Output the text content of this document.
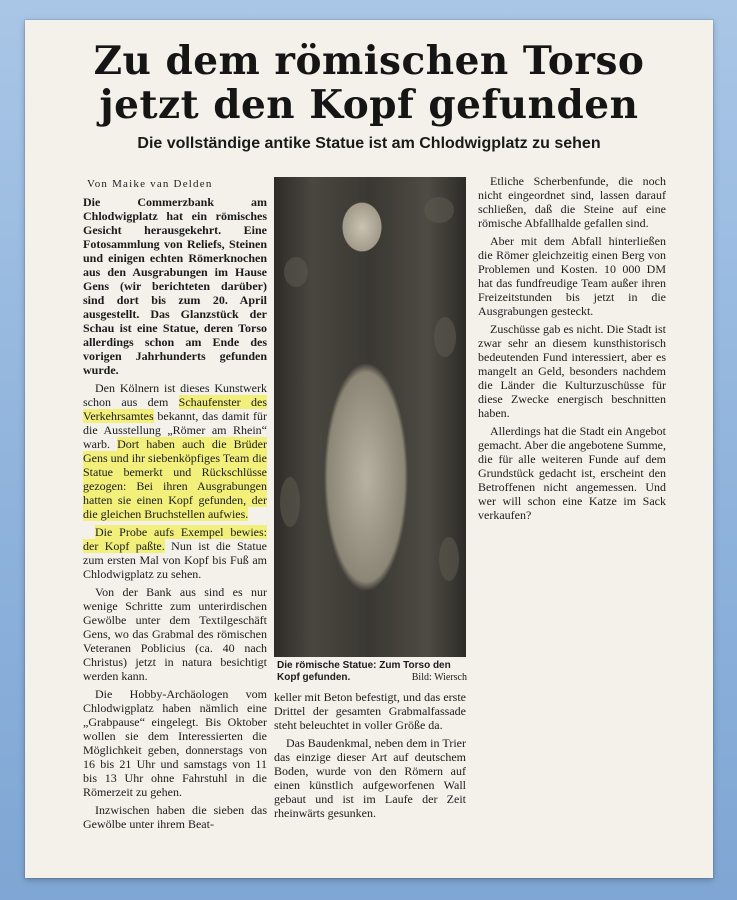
Zu dem römischen Torso
jetzt den Kopf gefunden
Die vollständige antike Statue ist am Chlodwigplatz zu sehen
Von Maike van Delden

Die Commerzbank am Chlodwigplatz hat ein römisches Gesicht herausgekehrt. Eine Fotosammlung von Reliefs, Steinen und einigen echten Römerknochen aus den Ausgrabungen im Hause Gens (wir berichteten darüber) sind dort bis zum 20. April ausgestellt. Das Glanzstück der Schau ist eine Statue, deren Torso allerdings schon am Ende des vorigen Jahrhunderts gefunden wurde.

Den Kölnern ist dieses Kunstwerk schon aus dem Schaufenster des Verkehrsamtes bekannt, das damit für die Ausstellung „Römer am Rhein“ warb. Dort haben auch die Brüder Gens und ihr siebenköpfiges Team die Statue bemerkt und Rückschlüsse gezogen: Bei ihren Ausgrabungen hatten sie einen Kopf gefunden, der die gleichen Bruchstellen aufwies.

Die Probe aufs Exempel bewies: der Kopf paßte. Nun ist die Statue zum ersten Mal von Kopf bis Fuß am Chlodwigplatz zu sehen.

Von der Bank aus sind es nur wenige Schritte zum unterirdischen Gewölbe unter dem Textilgeschäft Gens, wo das Grabmal des römischen Veteranen Poblicius (ca. 40 nach Christus) jetzt in natura besichtigt werden kann.

Die Hobby-Archäologen vom Chlodwigplatz haben nämlich eine „Grabpause“ eingelegt. Bis Oktober wollen sie dem Interessierten die Möglichkeit geben, donnerstags von 16 bis 21 Uhr und samstags von 11 bis 13 Uhr ohne Fahrstuhl in die Römerzeit zu gehen.

Inzwischen haben die sieben das Gewölbe unter ihrem Beat-

Die römische Statue: Zum Torso den Kopf gefunden.	Bild: Wiersch

keller mit Beton befestigt, und das erste Drittel der gesamten Grabmalfassade steht beleuchtet in voller Größe da.

Das Baudenkmal, neben dem in Trier das einzige dieser Art auf deutschem Boden, wurde von den Römern auf einen künstlich aufgeworfenen Wall gebaut und ist im Laufe der Zeit rheinwärts gesunken.

Etliche Scherbenfunde, die noch nicht eingeordnet sind, lassen darauf schließen, daß die Steine auf eine römische Abfallhalde gefallen sind.

Aber mit dem Abfall hinterließen die Römer gleichzeitig einen Berg von Problemen und Kosten. 10 000 DM hat das fundfreudige Team außer ihren Freizeitstunden bis jetzt in die Ausgrabungen gesteckt.

Zuschüsse gab es nicht. Die Stadt ist zwar sehr an diesem kunsthistorisch bedeutenden Fund interessiert, aber es mangelt an Geld, besonders nachdem die Länder die Kulturzuschüsse für diese Zwecke energisch beschnitten haben.

Allerdings hat die Stadt ein Angebot gemacht. Aber die angebotene Summe, die für alle weiteren Funde auf dem Grundstück gedacht ist, erscheint den Betroffenen nicht angemessen. Und wer will schon eine Katze im Sack verkaufen?
